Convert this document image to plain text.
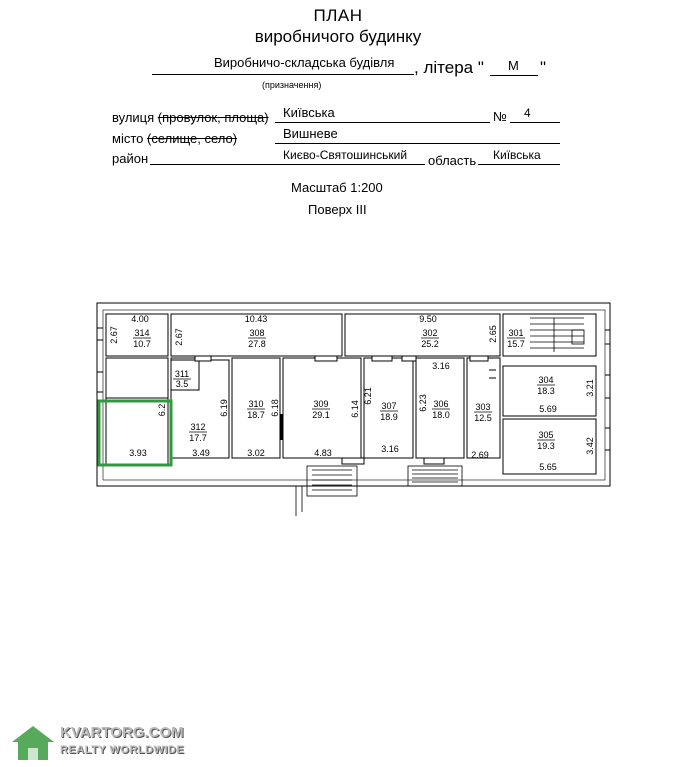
ПЛАН
виробничого будинку
Виробничо-складська будівля , літера " М "
(призначення)
вулиця (провулок, площа) Київська	№ 4
місто (селище, село)	Вишневе
район	Києво-Святошинський область Київська
Масштаб 1:200
Поверх ІІІ
314
10.7
308
27.8
302
25.2
301
15.7
311
3.5
310
18.7
309
29.1
307
18.9
306
18.0
303
12.5
304
18.3
305
19.3
312
17.7
4.00	10.43	9.50
3.16
3.16
5.69
5.65
3.93	3.49	3.02	4.83	2.69
2.67	2.67	2.65
6.19	6.18
6.21
6.14	6.23
3.21
3.42
6.2
KVARTORG.COM
REALTY WORLDWIDE
